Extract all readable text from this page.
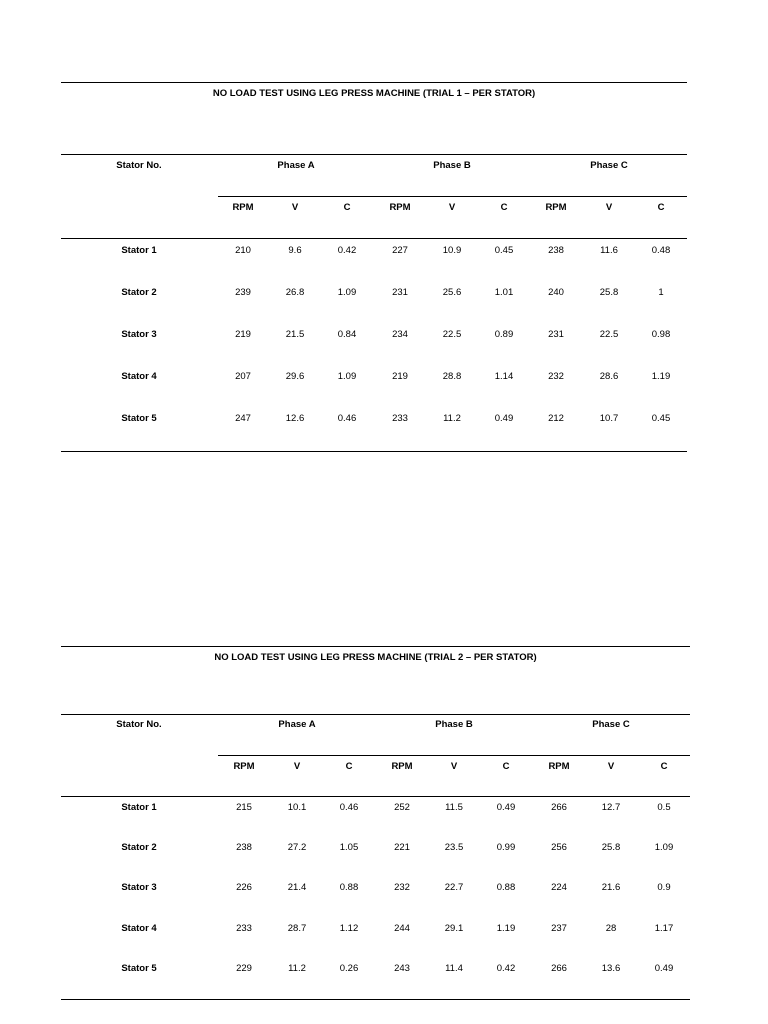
NO LOAD TEST USING LEG PRESS MACHINE (TRIAL 1 – PER STATOR)
Stator No.	Phase A	Phase B	Phase C
RPM	V	C	RPM	V	C	RPM	V	C
Stator 1	210	9.6	0.42	227	10.9	0.45	238	11.6	0.48
Stator 2	239	26.8	1.09	231	25.6	1.01	240	25.8	1
Stator 3	219	21.5	0.84	234	22.5	0.89	231	22.5	0.98
Stator 4	207	29.6	1.09	219	28.8	1.14	232	28.6	1.19
Stator 5	247	12.6	0.46	233	11.2	0.49	212	10.7	0.45
NO LOAD TEST USING LEG PRESS MACHINE (TRIAL 2 – PER STATOR)
Stator No.	Phase A	Phase B	Phase C
RPM	V	C	RPM	V	C	RPM	V	C
Stator 1	215	10.1	0.46	252	11.5	0.49	266	12.7	0.5
Stator 2	238	27.2	1.05	221	23.5	0.99	256	25.8	1.09
Stator 3	226	21.4	0.88	232	22.7	0.88	224	21.6	0.9
Stator 4	233	28.7	1.12	244	29.1	1.19	237	28	1.17
Stator 5	229	11.2	0.26	243	11.4	0.42	266	13.6	0.49
